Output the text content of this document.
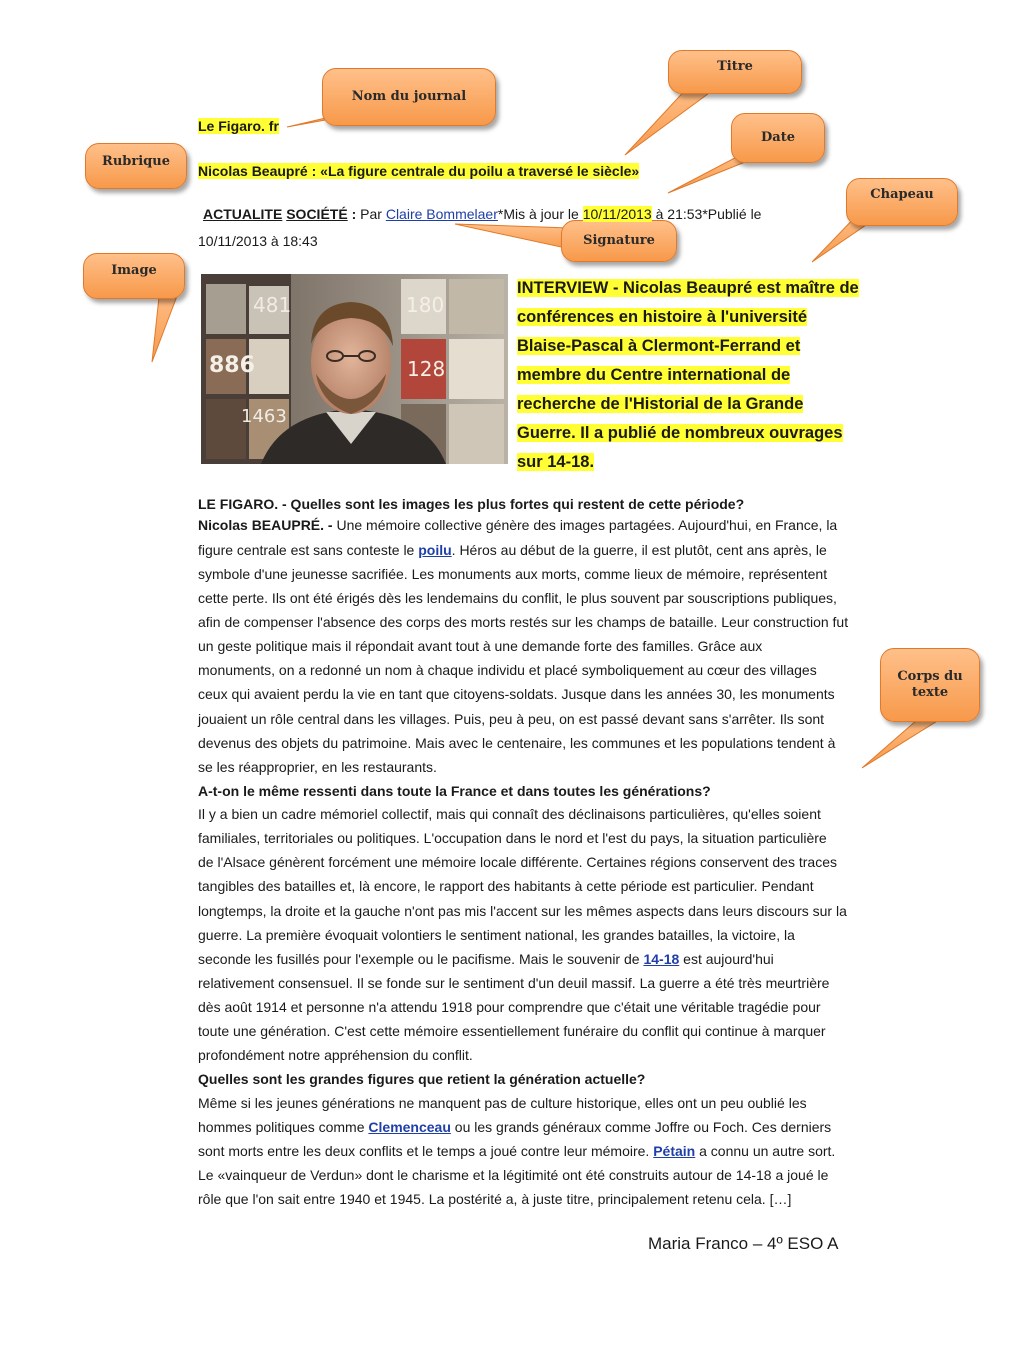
Nom du journal
Titre
Date
Rubrique
Chapeau
Signature
Image
Corps du
texte
Le Figaro. fr
Nicolas Beaupré : «La figure centrale du poilu a traversé le siècle»
ACTUALITE SOCIÉTÉ : Par Claire Bommelaer*Mis à jour le 10/11/2013 à 21:53*Publié le
10/11/2013 à 18:43
481	180
886	128
1463
INTERVIEW - Nicolas Beaupré est maître de
conférences en histoire à l'université
Blaise-Pascal à Clermont-Ferrand et
membre du Centre international de
recherche de l'Historial de la Grande
Guerre. Il a publié de nombreux ouvrages
sur 14-18.
LE FIGARO. - Quelles sont les images les plus fortes qui restent de cette période?
Nicolas BEAUPRÉ. - Une mémoire collective génère des images partagées. Aujourd'hui, en France, la
figure centrale est sans conteste le poilu. Héros au début de la guerre, il est plutôt, cent ans après, le
symbole d'une jeunesse sacrifiée. Les monuments aux morts, comme lieux de mémoire, représentent
cette perte. Ils ont été érigés dès les lendemains du conflit, le plus souvent par souscriptions publiques,
afin de compenser l'absence des corps des morts restés sur les champs de bataille. Leur construction fut
un geste politique mais il répondait avant tout à une demande forte des familles. Grâce aux
monuments, on a redonné un nom à chaque individu et placé symboliquement au cœur des villages
ceux qui avaient perdu la vie en tant que citoyens-soldats. Jusque dans les années 30, les monuments
jouaient un rôle central dans les villages. Puis, peu à peu, on est passé devant sans s'arrêter. Ils sont
devenus des objets du patrimoine. Mais avec le centenaire, les communes et les populations tendent à
se les réapproprier, en les restaurants.
A-t-on le même ressenti dans toute la France et dans toutes les générations?
Il y a bien un cadre mémoriel collectif, mais qui connaît des déclinaisons particulières, qu'elles soient
familiales, territoriales ou politiques. L'occupation dans le nord et l'est du pays, la situation particulière
de l'Alsace génèrent forcément une mémoire locale différente. Certaines régions conservent des traces
tangibles des batailles et, là encore, le rapport des habitants à cette période est particulier. Pendant
longtemps, la droite et la gauche n'ont pas mis l'accent sur les mêmes aspects dans leurs discours sur la
guerre. La première évoquait volontiers le sentiment national, les grandes batailles, la victoire, la
seconde les fusillés pour l'exemple ou le pacifisme. Mais le souvenir de 14-18 est aujourd'hui
relativement consensuel. Il se fonde sur le sentiment d'un deuil massif. La guerre a été très meurtrière
dès août 1914 et personne n'a attendu 1918 pour comprendre que c'était une véritable tragédie pour
toute une génération. C'est cette mémoire essentiellement funéraire du conflit qui continue à marquer
profondément notre appréhension du conflit.
Quelles sont les grandes figures que retient la génération actuelle?
Même si les jeunes générations ne manquent pas de culture historique, elles ont un peu oublié les
hommes politiques comme Clemenceau ou les grands généraux comme Joffre ou Foch. Ces derniers
sont morts entre les deux conflits et le temps a joué contre leur mémoire. Pétain a connu un autre sort.
Le «vainqueur de Verdun» dont le charisme et la légitimité ont été construits autour de 14-18 a joué le
rôle que l'on sait entre 1940 et 1945. La postérité a, à juste titre, principalement retenu cela. […]
Maria Franco – 4º ESO A
